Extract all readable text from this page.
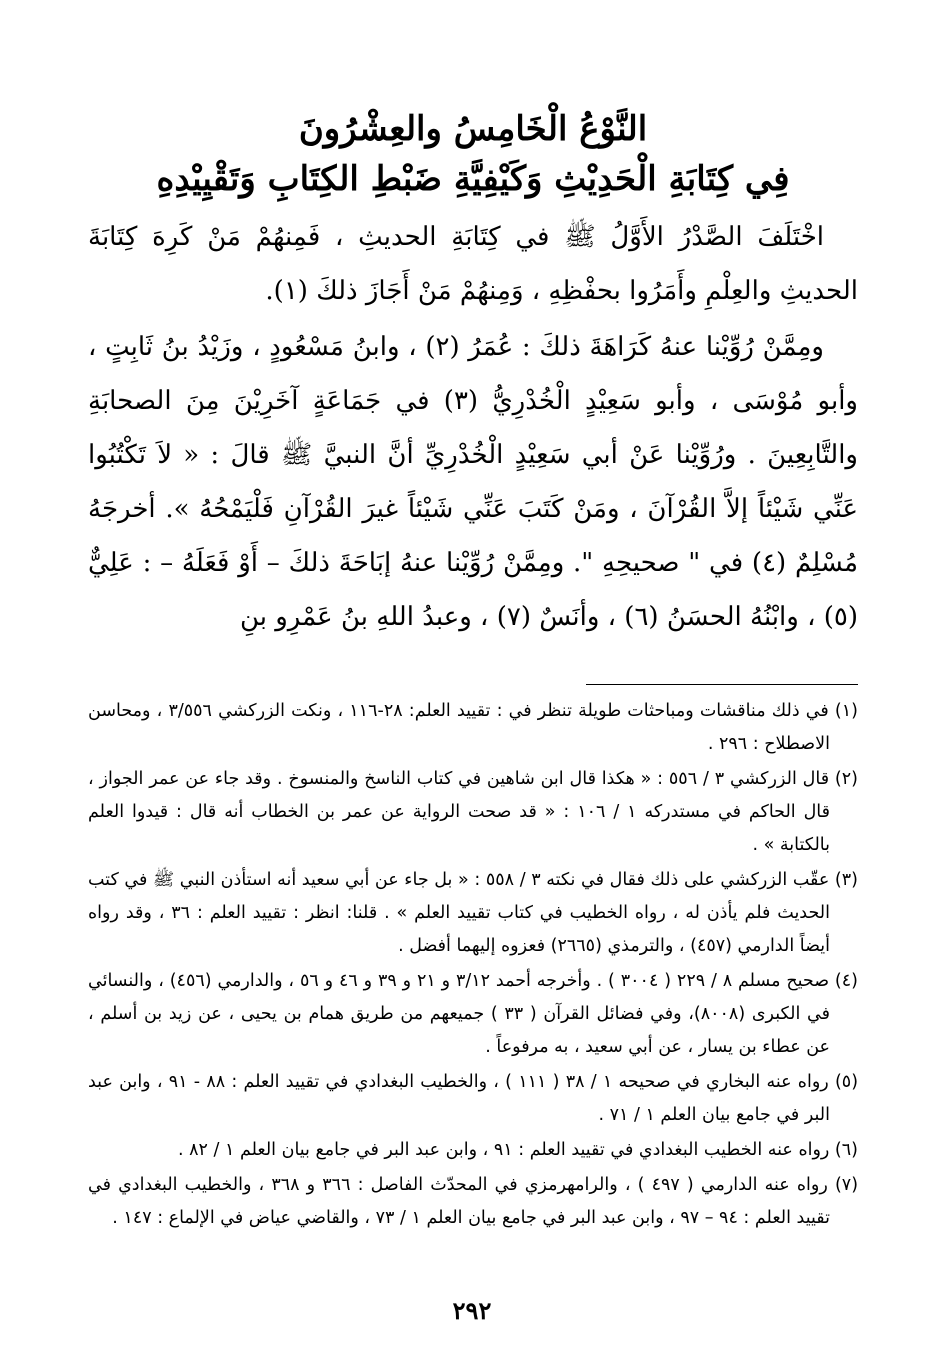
النَّوْعُ الْخَامِسُ والعِشْرُونَ
فِي كِتَابَةِ الْحَدِيْثِ وَكَيْفِيَّةِ ضَبْطِ الكِتَابِ وَتَقْيِيْدِهِ

اخْتَلَفَ الصَّدْرُ الأَوَّلُ ﷺ في كِتَابَةِ الحديثِ ، فَمِنهُمْ مَنْ كَرِهَ كِتَابَةَ الحديثِ والعِلْمِ وأَمَرُوا بحفْظِهِ ، وَمِنهُمْ مَنْ أَجَازَ ذلكَ (١).

ومِمَّنْ رُوِّيْنا عنهُ كَرَاهَةَ ذلكَ : عُمَرُ (٢) ، وابنُ مَسْعُودٍ ، وزَيْدُ بنُ ثَابِتٍ ، وأبو مُوْسَى ، وأبو سَعِيْدٍ الْخُدْرِيُّ (٣) في جَمَاعَةٍ آخَرِيْنَ مِنَ الصحابَةِ والتَّابِعِينَ . ورُوِّيْنا عَنْ أبي سَعِيْدٍ الْخُدْرِيِّ أنَّ النبيَّ ﷺ قالَ : « لاَ تَكْتُبُوا عَنِّي شَيْئاً إلاَّ القُرْآنَ ، ومَنْ كَتَبَ عَنِّي شَيْئاً غيرَ القُرْآنِ فَلْيَمْحُهُ ». أخرجَهُ مُسْلِمٌ (٤) في " صحيحِهِ ". ومِمَّنْ رُوِّيْنا عنهُ إبَاحَةَ ذلكَ – أَوْ فَعَلَهُ – : عَلِيٌّ (٥) ، وابْنُهُ الحسَنُ (٦) ، وأنَسٌ (٧) ، وعبدُ اللهِ بنُ عَمْرِو بنِ

(١) في ذلك مناقشات ومباحثات طويلة تنظر في : تقييد العلم: ٢٨-١١٦ ، ونكت الزركشي ٣/٥٥٦ ، ومحاسن الاصطلاح : ٢٩٦ .

(٢) قال الزركشي ٣ / ٥٥٦ : « هكذا قال ابن شاهين في كتاب الناسخ والمنسوخ . وقد جاء عن عمر الجواز ، قال الحاكم في مستدركه ١ / ١٠٦ : « قد صحت الرواية عن عمر بن الخطاب أنه قال : قيدوا العلم بالكتابة » .

(٣) عقّب الزركشي على ذلك فقال في نكته ٣ / ٥٥٨ : « بل جاء عن أبي سعيد أنه استأذن النبي ﷺ في كتب الحديث فلم يأذن له ، رواه الخطيب في كتاب تقييد العلم » . قلنا: انظر : تقييد العلم : ٣٦ ، وقد رواه أيضاً الدارمي (٤٥٧) ، والترمذي (٢٦٦٥) فعزوه إليهما أفضل .

(٤) صحيح مسلم ٨ / ٢٢٩ ( ٣٠٠٤ ) . وأخرجه أحمد ٣/١٢ و ٢١ و ٣٩ و ٤٦ و ٥٦ ، والدارمي (٤٥٦) ، والنسائي في الكبرى (٨٠٠٨)، وفي فضائل القرآن ( ٣٣ ) جميعهم من طريق همام بن يحيى ، عن زيد بن أسلم ، عن عطاء بن يسار ، عن أبي سعيد ، به مرفوعاً .

(٥) رواه عنه البخاري في صحيحه ١ / ٣٨ ( ١١١ ) ، والخطيب البغدادي في تقييد العلم : ٨٨ - ٩١ ، وابن عبد البر في جامع بيان العلم ١ / ٧١ .

(٦) رواه عنه الخطيب البغدادي في تقييد العلم : ٩١ ، وابن عبد البر في جامع بيان العلم ١ / ٨٢ .

(٧) رواه عنه الدارمي ( ٤٩٧ ) ، والرامهرمزي في المحدّث الفاصل : ٣٦٦ و ٣٦٨ ، والخطيب البغدادي في تقييد العلم : ٩٤ – ٩٧ ، وابن عبد البر في جامع بيان العلم ١ / ٧٣ ، والقاضي عياض في الإلماع : ١٤٧ .

٢٩٢
